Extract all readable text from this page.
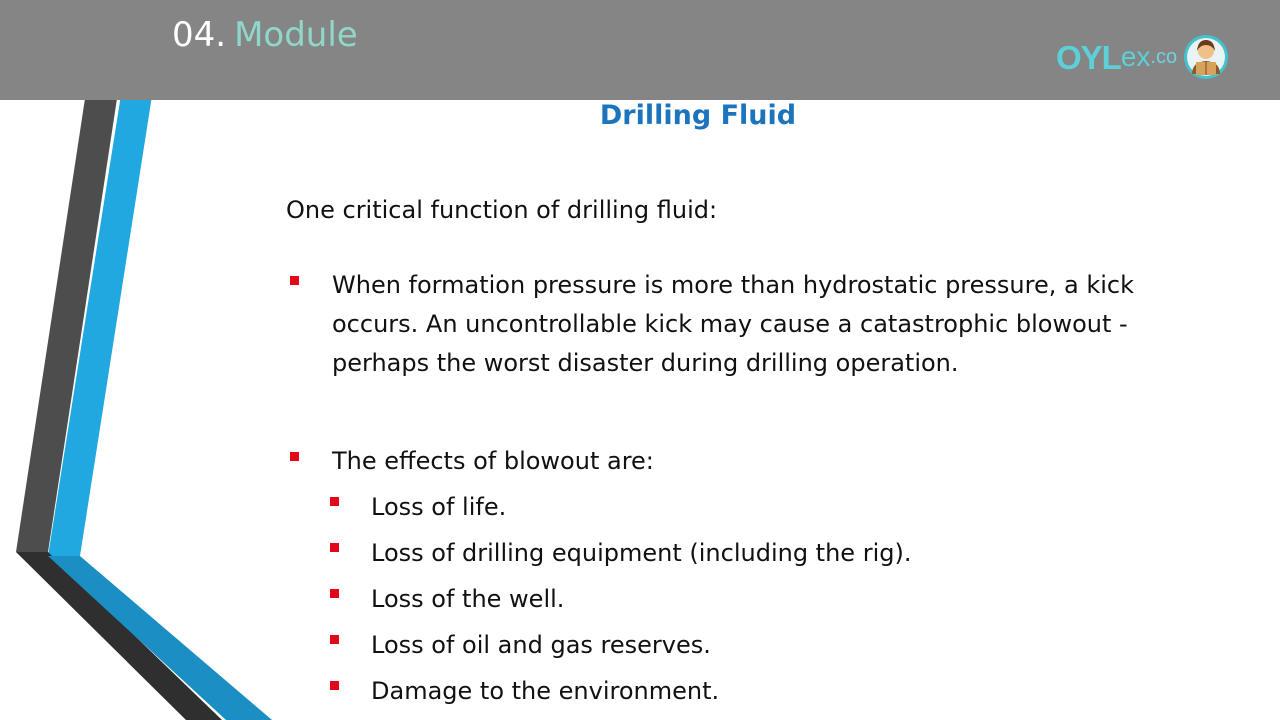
04. Module
OYL ex .co
Drilling Fluid

One critical function of drilling fluid:

When formation pressure is more than hydrostatic pressure, a kick occurs. An uncontrollable kick may cause a catastrophic blowout - perhaps the worst disaster during drilling operation.

The effects of blowout are:

Loss of life.

Loss of drilling equipment (including the rig).

Loss of the well.

Loss of oil and gas reserves.

Damage to the environment.
